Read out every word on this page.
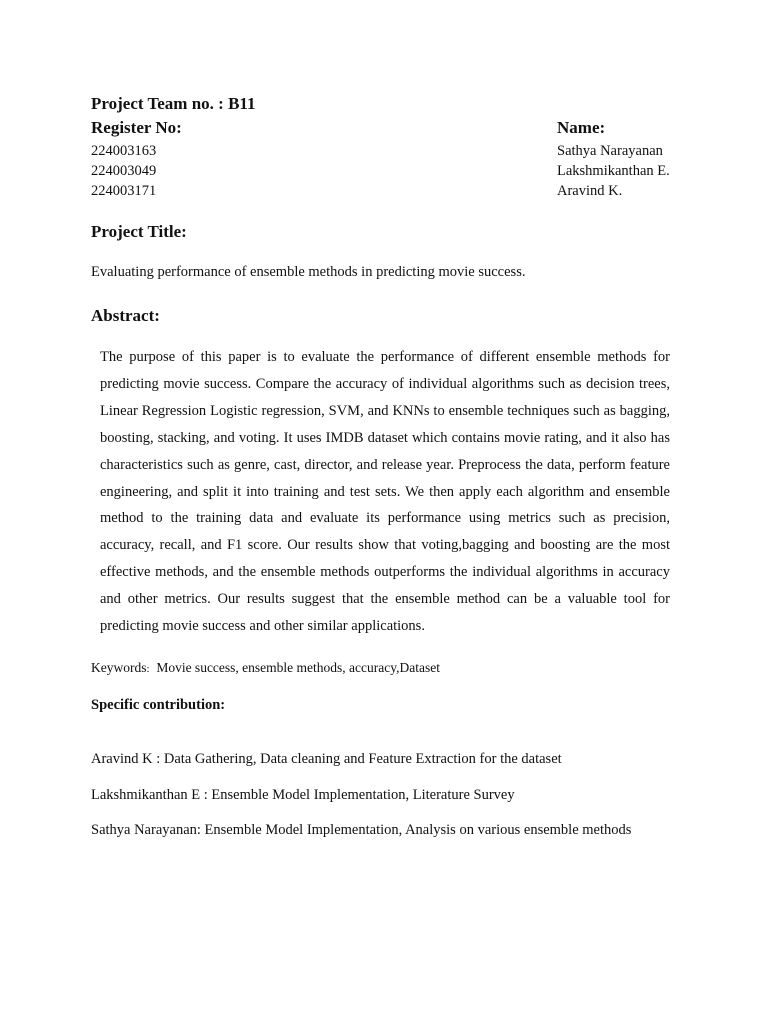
Project Team no. : B11
Register No:	Name:
224003163
224003049
224003171
Sathya Narayanan
Lakshmikanthan E.
Aravind K.
Project Title:
Evaluating performance of ensemble methods in predicting movie success.
Abstract:
The purpose of this paper is to evaluate the performance of different ensemble methods for predicting movie success. Compare the accuracy of individual algorithms such as decision trees, Linear Regression Logistic regression, SVM, and KNNs to ensemble techniques such as bagging, boosting, stacking, and voting. It uses IMDB dataset which contains movie rating, and it also has characteristics such as genre, cast, director, and release year. Preprocess the data, perform feature engineering, and split it into training and test sets. We then apply each algorithm and ensemble method to the training data and evaluate its performance using metrics such as precision, accuracy, recall, and F1 score. Our results show that voting,bagging and boosting are the most effective methods, and the ensemble methods outperforms the individual algorithms in accuracy and other metrics. Our results suggest that the ensemble method can be a valuable tool for predicting movie success and other similar applications.
Keywords: Movie success, ensemble methods, accuracy,Dataset
Specific contribution:
Aravind K : Data Gathering, Data cleaning and Feature Extraction for the dataset
Lakshmikanthan E : Ensemble Model Implementation, Literature Survey
Sathya Narayanan: Ensemble Model Implementation, Analysis on various ensemble methods
